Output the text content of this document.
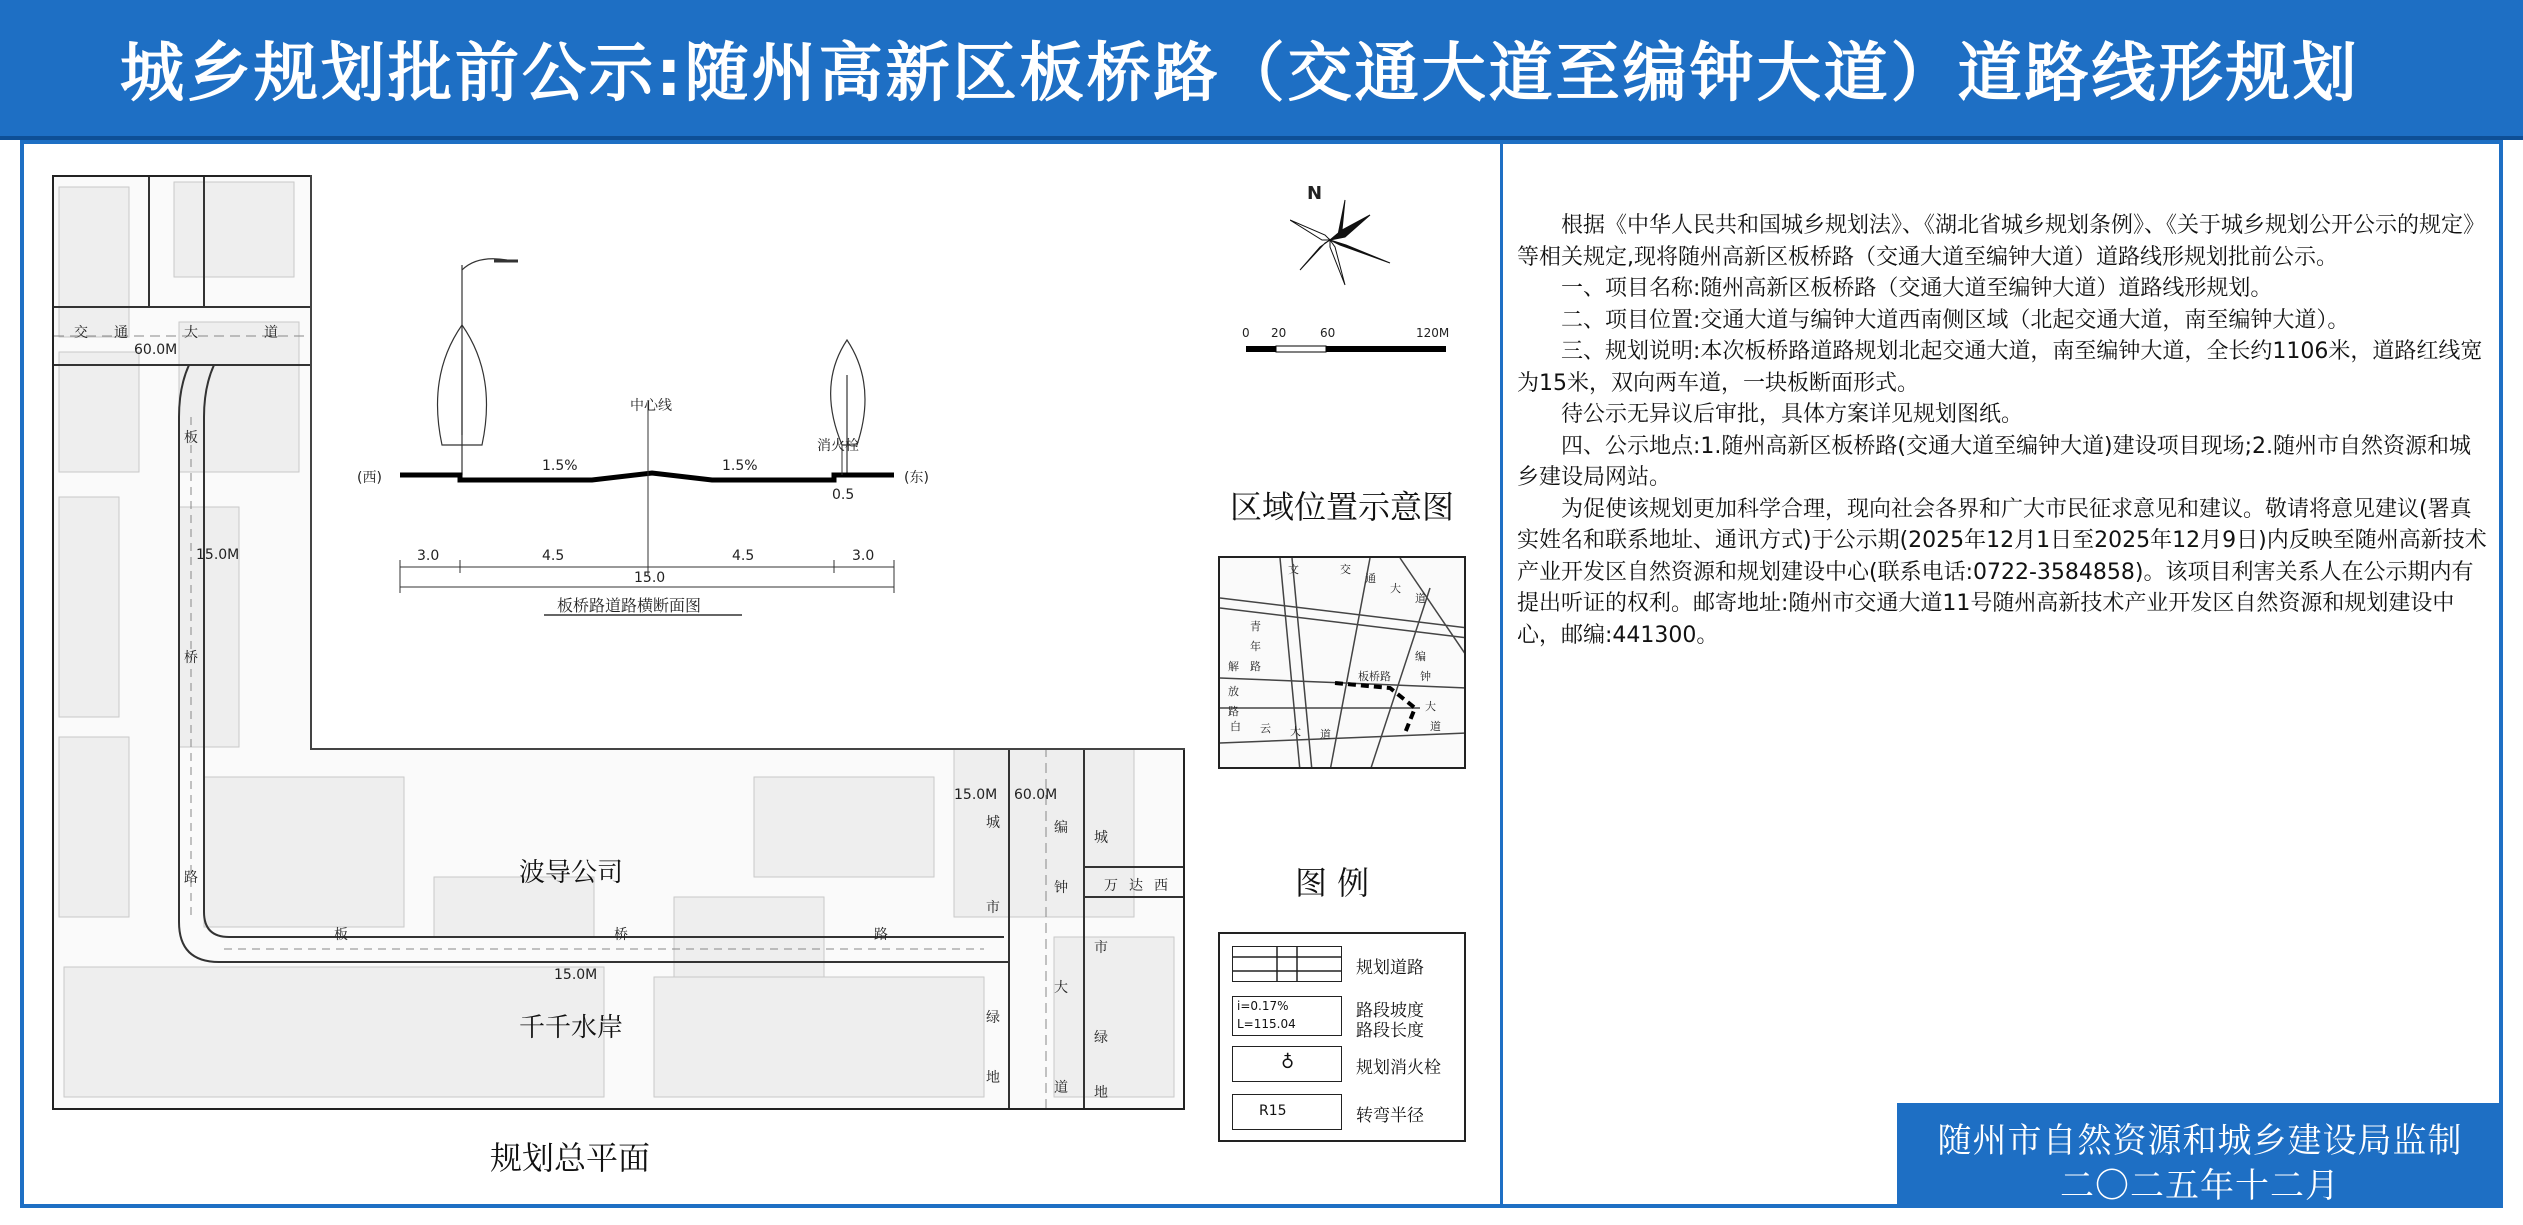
城乡规划批前公示:随州高新区板桥路（交通大道至编钟大道）道路线形规划
波导公司
千千水岸
交 通	大	道
60.0M
板
桥
路
15.0M
板	桥	路
15.0M
15.0M 60.0M
城
市
绿
地
编
钟
大
道
城
市
绿
地
万 达 西
中心线
消火栓
(西)	(东)
1.5%	1.5%
0.5
3.0	4.5	4.5	3.0
15.0
板桥路道路横断面图
规划总平面
N
0 20	60	120M
区域位置示意图
文	交
通
大
道
编
钟
大
道
白 云 大 道
解
放
路
青
年
路
板桥路
图 例
规划道路
i=0.17%
L=115.04
路段坡度
路段长度
♁	规划消火栓
R15	转弯半径

根据《中华人民共和国城乡规划法》、《湖北省城乡规划条例》、《关于城乡规划公开公示的规定》等相关规定,现将随州高新区板桥路（交通大道至编钟大道）道路线形规划批前公示。

一、项目名称:随州高新区板桥路（交通大道至编钟大道）道路线形规划。

二、项目位置:交通大道与编钟大道西南侧区域（北起交通大道，南至编钟大道）。

三、规划说明:本次板桥路道路规划北起交通大道，南至编钟大道，全长约1106米，道路红线宽为15米，双向两车道，一块板断面形式。

待公示无异议后审批，具体方案详见规划图纸。

四、公示地点:1.随州高新区板桥路(交通大道至编钟大道)建设项目现场;2.随州市自然资源和城乡建设局网站。

为促使该规划更加科学合理，现向社会各界和广大市民征求意见和建议。敬请将意见建议(署真实姓名和联系地址、通讯方式)于公示期(2025年12月1日至2025年12月9日)内反映至随州高新技术产业开发区自然资源和规划建设中心(联系电话:0722-3584858)。该项目利害关系人在公示期内有提出听证的权利。邮寄地址:随州市交通大道11号随州高新技术产业开发区自然资源和规划建设中心，邮编:441300。

随州市自然资源和城乡建设局监制
二〇二五年十二月
